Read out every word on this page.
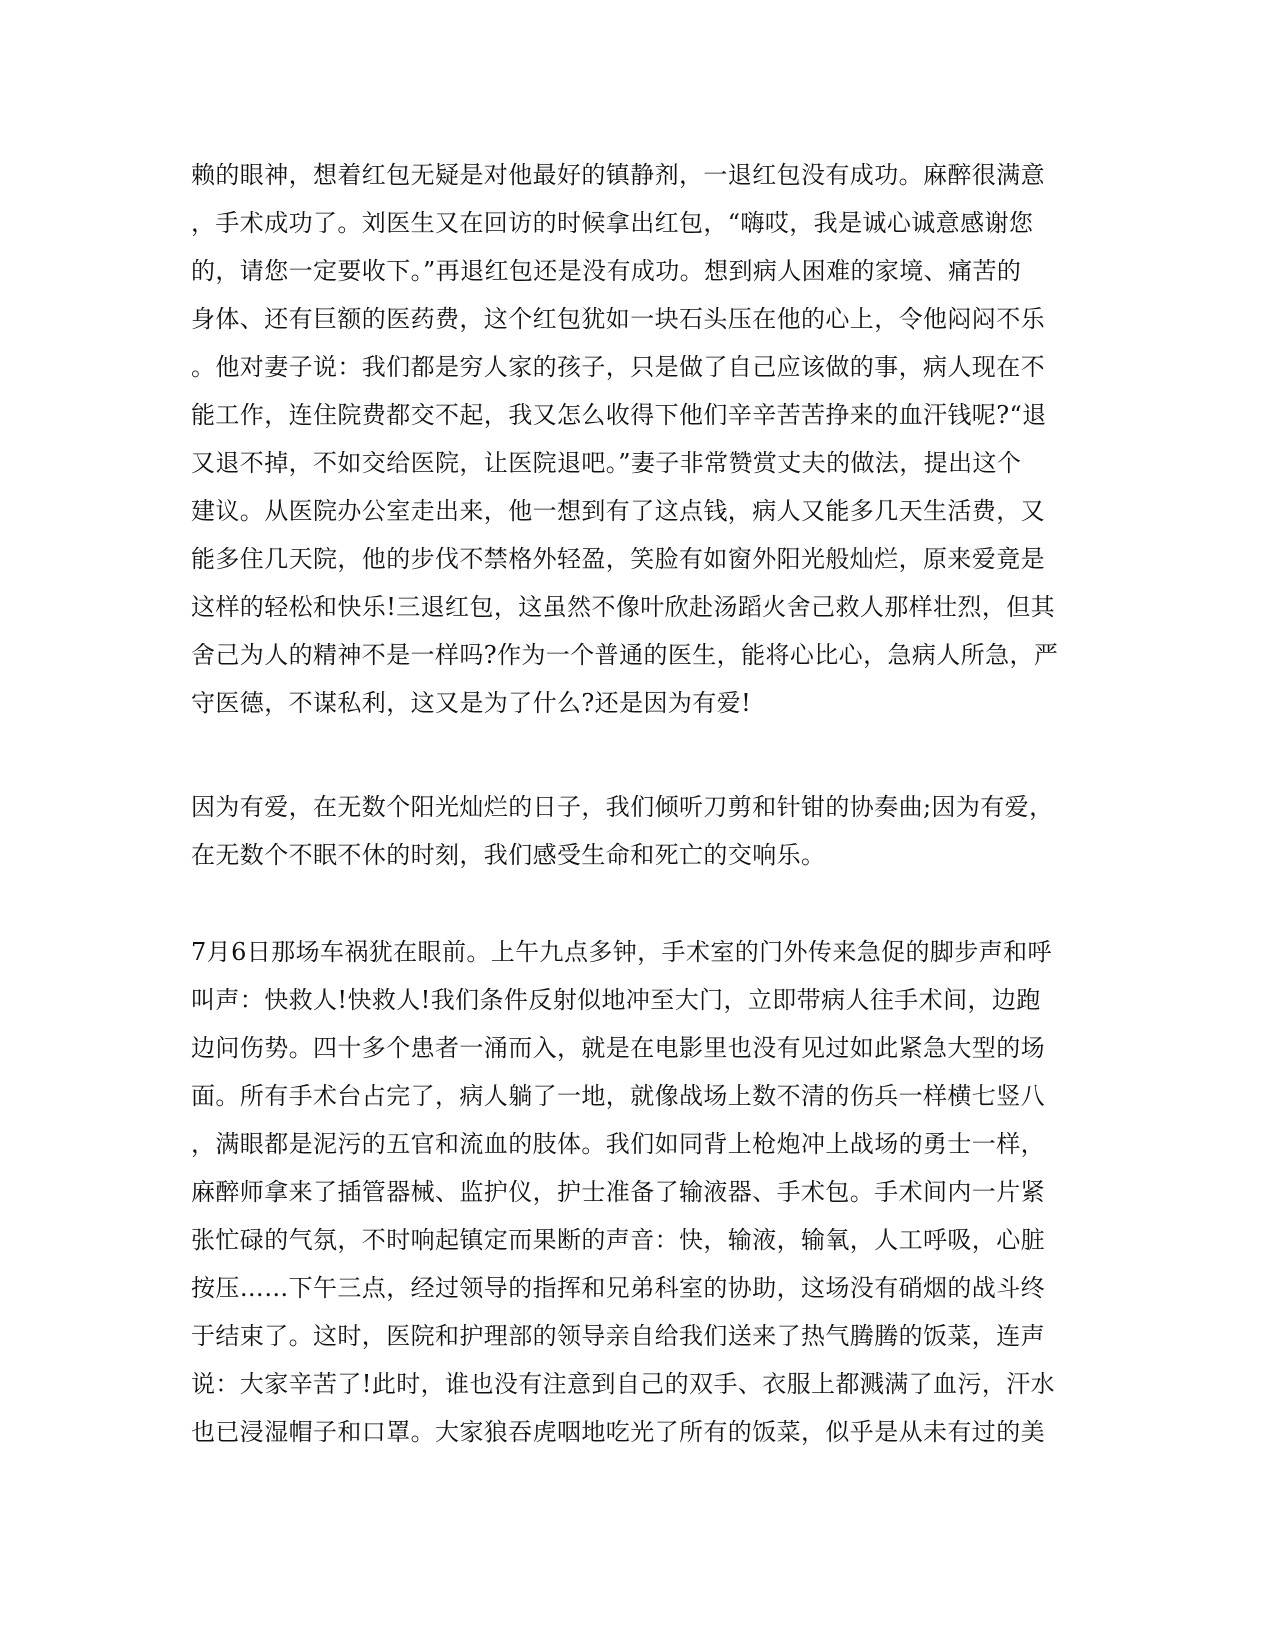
赖的眼神，想着红包无疑是对他最好的镇静剂，一退红包没有成功。麻醉很满意
，手术成功了。刘医生又在回访的时候拿出红包，“嗨哎，我是诚心诚意感谢您
的，请您一定要收下。”再退红包还是没有成功。想到病人困难的家境、痛苦的
身体、还有巨额的医药费，这个红包犹如一块石头压在他的心上，令他闷闷不乐
。他对妻子说：我们都是穷人家的孩子，只是做了自己应该做的事，病人现在不
能工作，连住院费都交不起，我又怎么收得下他们辛辛苦苦挣来的血汗钱呢?“退
又退不掉，不如交给医院，让医院退吧。”妻子非常赞赏丈夫的做法，提出这个
建议。从医院办公室走出来，他一想到有了这点钱，病人又能多几天生活费，又
能多住几天院，他的步伐不禁格外轻盈，笑脸有如窗外阳光般灿烂，原来爱竟是
这样的轻松和快乐!三退红包，这虽然不像叶欣赴汤蹈火舍己救人那样壮烈，但其
舍己为人的精神不是一样吗?作为一个普通的医生，能将心比心，急病人所急，严
守医德，不谋私利，这又是为了什么?还是因为有爱!
因为有爱，在无数个阳光灿烂的日子，我们倾听刀剪和针钳的协奏曲;因为有爱，
在无数个不眠不休的时刻，我们感受生命和死亡的交响乐。
7月6日那场车祸犹在眼前。上午九点多钟，手术室的门外传来急促的脚步声和呼
叫声：快救人!快救人!我们条件反射似地冲至大门，立即带病人往手术间，边跑
边问伤势。四十多个患者一涌而入，就是在电影里也没有见过如此紧急大型的场
面。所有手术台占完了，病人躺了一地，就像战场上数不清的伤兵一样横七竖八
，满眼都是泥污的五官和流血的肢体。我们如同背上枪炮冲上战场的勇士一样，
麻醉师拿来了插管器械、监护仪，护士准备了输液器、手术包。手术间内一片紧
张忙碌的气氛，不时响起镇定而果断的声音：快，输液，输氧，人工呼吸，心脏
按压……下午三点，经过领导的指挥和兄弟科室的协助，这场没有硝烟的战斗终
于结束了。这时，医院和护理部的领导亲自给我们送来了热气腾腾的饭菜，连声
说：大家辛苦了!此时，谁也没有注意到自己的双手、衣服上都溅满了血污，汗水
也已浸湿帽子和口罩。大家狼吞虎咽地吃光了所有的饭菜，似乎是从未有过的美
